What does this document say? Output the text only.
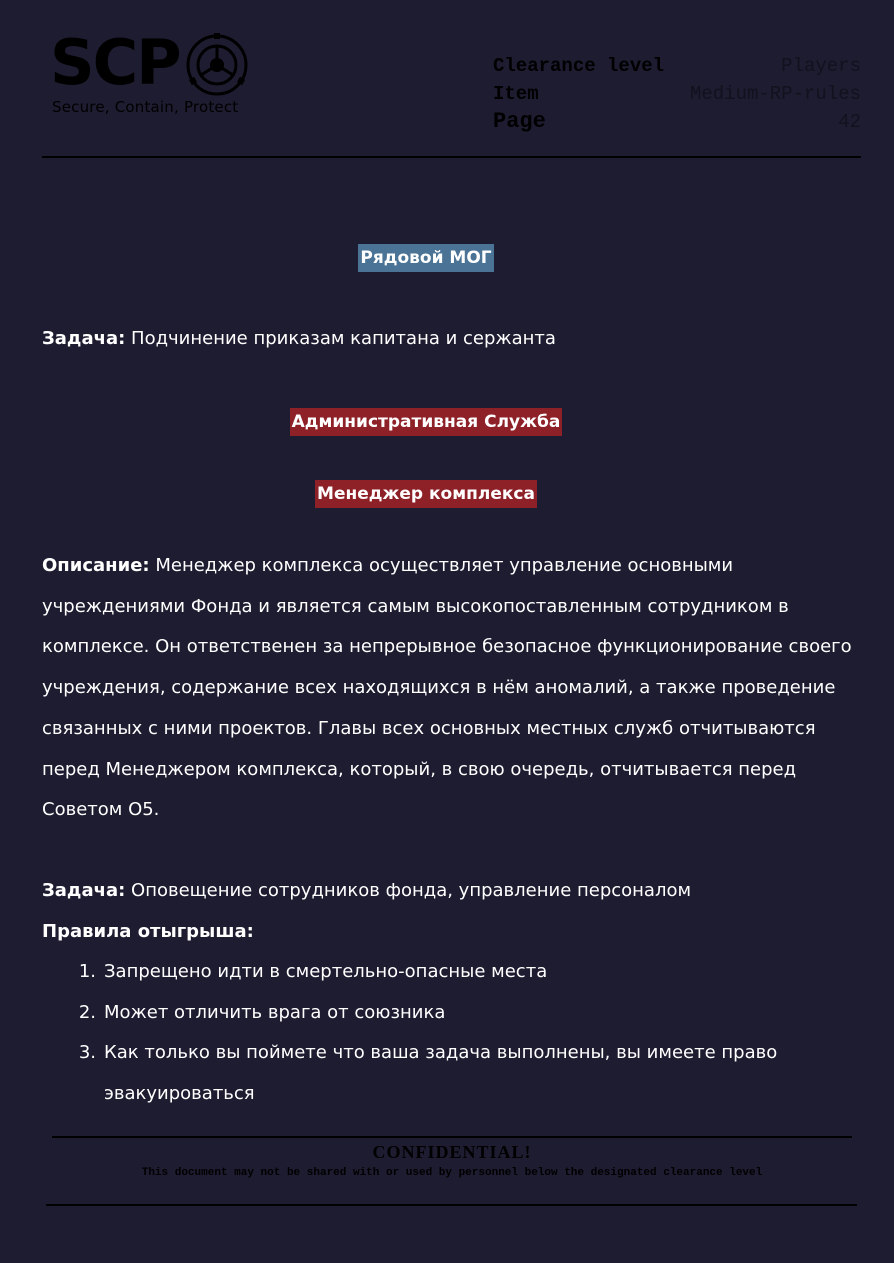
SCP
Secure, Contain, Protect
Clearance level	Players
Item	Medium-RP-rules
Page	42
Рядовой МОГ
Задача: Подчинение приказам капитана и сержанта
Административная Служба
Менеджер комплекса
Описание: Менеджер комплекса осуществляет управление основными учреждениями Фонда и является самым высокопоставленным сотрудником в комплексе. Он ответственен за непрерывное безопасное функционирование своего учреждения, содержание всех находящихся в нём аномалий, а также проведение связанных с ними проектов. Главы всех основных местных служб отчитываются перед Менеджером комплекса, который, в свою очередь, отчитывается перед Советом О5.
Задача: Оповещение сотрудников фонда, управление персоналом
Правила отыгрыша:
1. Запрещено идти в смертельно-опасные места
2. Может отличить врага от союзника
3. Как только вы поймете что ваша задача выполнены, вы имеете право эвакуироваться
CONFIDENTIAL!
This document may not be shared with or used by personnel below the designated clearance level
